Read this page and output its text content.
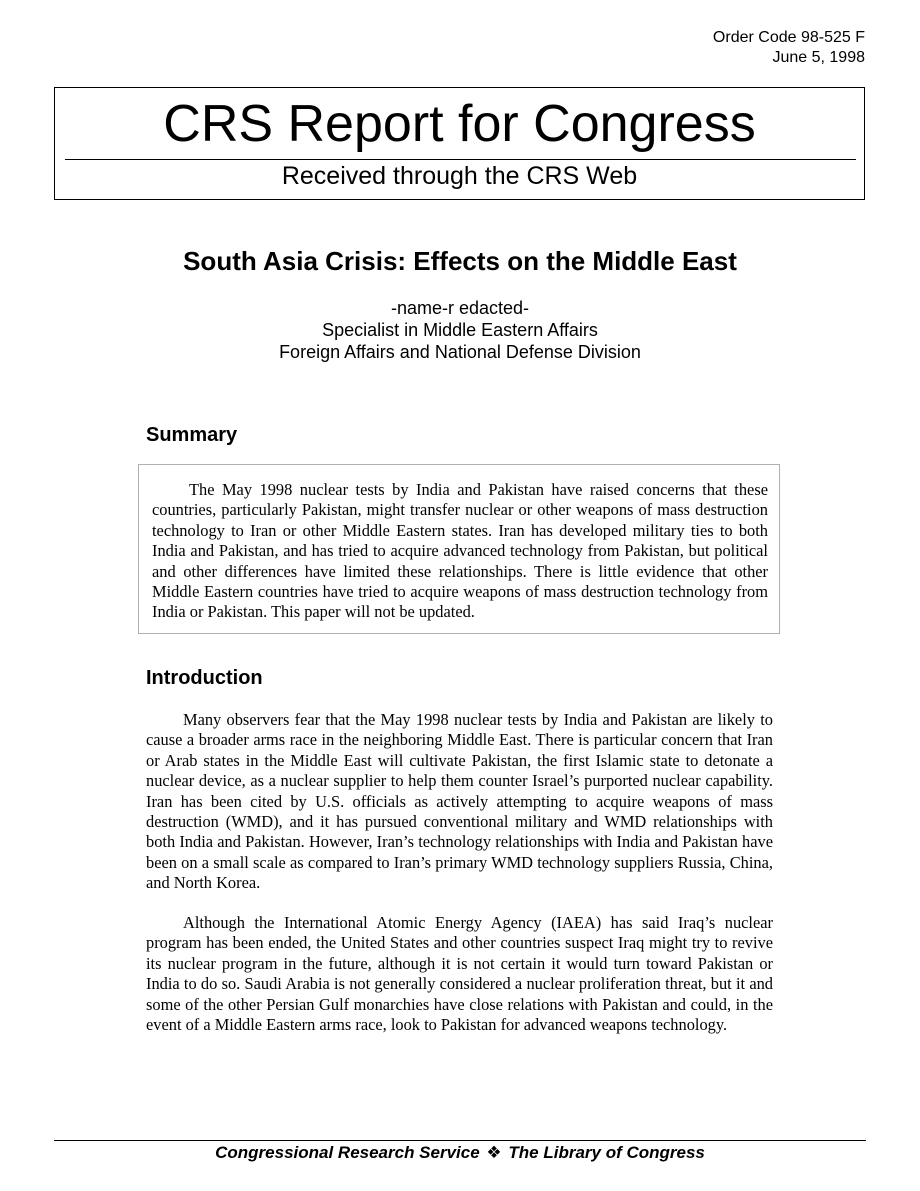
Order Code 98-525 F
June 5, 1998
CRS Report for Congress
Received through the CRS Web
South Asia Crisis: Effects on the Middle East
-name-r edacted-
Specialist in Middle Eastern Affairs
Foreign Affairs and National Defense Division
Summary

The May 1998 nuclear tests by India and Pakistan have raised concerns that these countries, particularly Pakistan, might transfer nuclear or other weapons of mass destruction technology to Iran or other Middle Eastern states. Iran has developed military ties to both India and Pakistan, and has tried to acquire advanced technology from Pakistan, but political and other differences have limited these relationships. There is little evidence that other Middle Eastern countries have tried to acquire weapons of mass destruction technology from India or Pakistan. This paper will not be updated.

Introduction

Many observers fear that the May 1998 nuclear tests by India and Pakistan are likely to cause a broader arms race in the neighboring Middle East. There is particular concern that Iran or Arab states in the Middle East will cultivate Pakistan, the first Islamic state to detonate a nuclear device, as a nuclear supplier to help them counter Israel’s purported nuclear capability. Iran has been cited by U.S. officials as actively attempting to acquire weapons of mass destruction (WMD), and it has pursued conventional military and WMD relationships with both India and Pakistan. However, Iran’s technology relationships with India and Pakistan have been on a small scale as compared to Iran’s primary WMD technology suppliers Russia, China, and North Korea.

Although the International Atomic Energy Agency (IAEA) has said Iraq’s nuclear program has been ended, the United States and other countries suspect Iraq might try to revive its nuclear program in the future, although it is not certain it would turn toward Pakistan or India to do so. Saudi Arabia is not generally considered a nuclear proliferation threat, but it and some of the other Persian Gulf monarchies have close relations with Pakistan and could, in the event of a Middle Eastern arms race, look to Pakistan for advanced weapons technology.

Congressional Research Service ❖ The Library of Congress
